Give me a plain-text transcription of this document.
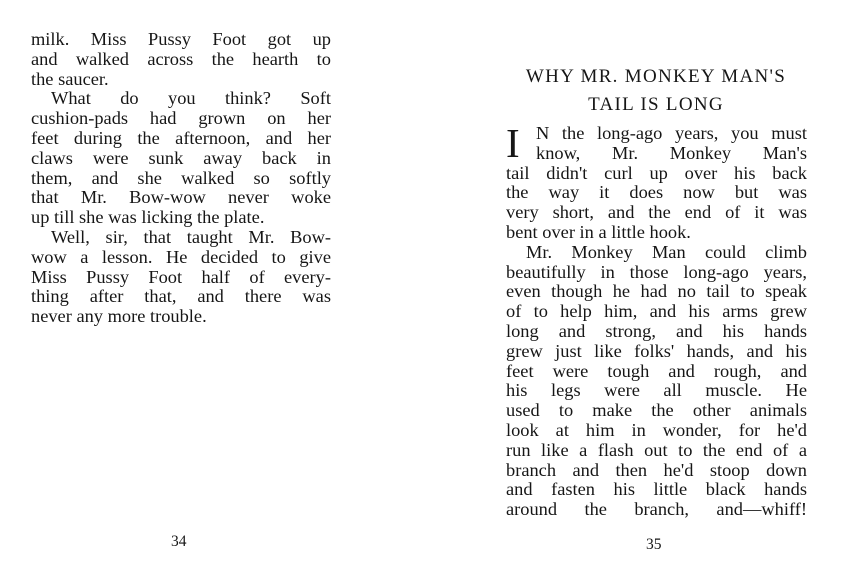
milk. Miss Pussy Foot got up
and walked across the hearth to
the saucer.
What do you think? Soft
cushion-pads had grown on her
feet during the afternoon, and her
claws were sunk away back in
them, and she walked so softly
that Mr. Bow-wow never woke
up till she was licking the plate.
Well, sir, that taught Mr. Bow-
wow a lesson. He decided to give
Miss Pussy Foot half of every-
thing after that, and there was
never any more trouble.
34
WHY MR. MONKEY MAN'S
TAIL IS LONG
I N the long-ago years, you must
know, Mr. Monkey Man's
tail didn't curl up over his back
the way it does now but was
very short, and the end of it was
bent over in a little hook.
Mr. Monkey Man could climb
beautifully in those long-ago years,
even though he had no tail to speak
of to help him, and his arms grew
long and strong, and his hands
grew just like folks' hands, and his
feet were tough and rough, and
his legs were all muscle. He
used to make the other animals
look at him in wonder, for he'd
run like a flash out to the end of a
branch and then he'd stoop down
and fasten his little black hands
around the branch, and—whiff!
35
